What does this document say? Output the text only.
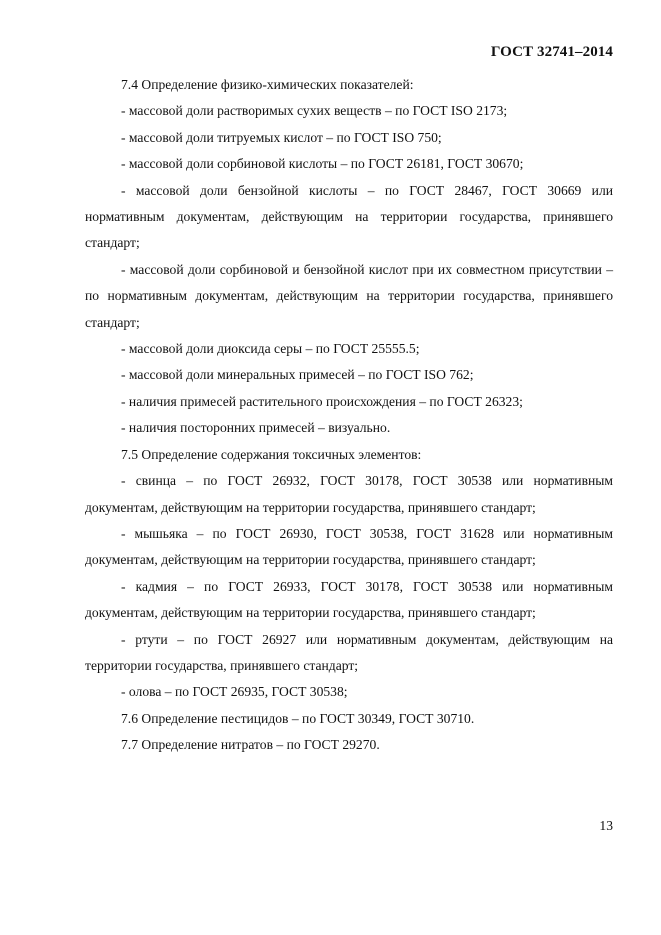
ГОСТ 32741–2014

7.4 Определение физико-химических показателей:

- массовой доли растворимых сухих веществ – по ГОСТ ISO 2173;

- массовой доли титруемых кислот – по ГОСТ ISO 750;

- массовой доли сорбиновой кислоты – по ГОСТ 26181, ГОСТ 30670;

- массовой доли бензойной кислоты – по ГОСТ 28467, ГОСТ 30669 или нормативным документам, действующим на территории государства, принявшего стандарт;

- массовой доли сорбиновой и бензойной кислот при их совместном присутствии – по нормативным документам, действующим на территории государства, принявшего стандарт;

- массовой доли диоксида серы – по ГОСТ 25555.5;

- массовой доли минеральных примесей – по ГОСТ ISO 762;

- наличия примесей растительного происхождения – по ГОСТ 26323;

- наличия посторонних примесей – визуально.

7.5 Определение содержания токсичных элементов:

- свинца – по ГОСТ 26932, ГОСТ 30178, ГОСТ 30538 или нормативным документам, действующим на территории государства, принявшего стандарт;

- мышьяка – по ГОСТ 26930, ГОСТ 30538, ГОСТ 31628 или нормативным документам, действующим на территории государства, принявшего стандарт;

- кадмия – по ГОСТ 26933, ГОСТ 30178, ГОСТ 30538 или нормативным документам, действующим на территории государства, принявшего стандарт;

- ртути – по ГОСТ 26927 или нормативным документам, действующим на территории государства, принявшего стандарт;

- олова – по ГОСТ 26935, ГОСТ 30538;

7.6 Определение пестицидов – по ГОСТ 30349, ГОСТ 30710.

7.7 Определение нитратов – по ГОСТ 29270.

13
